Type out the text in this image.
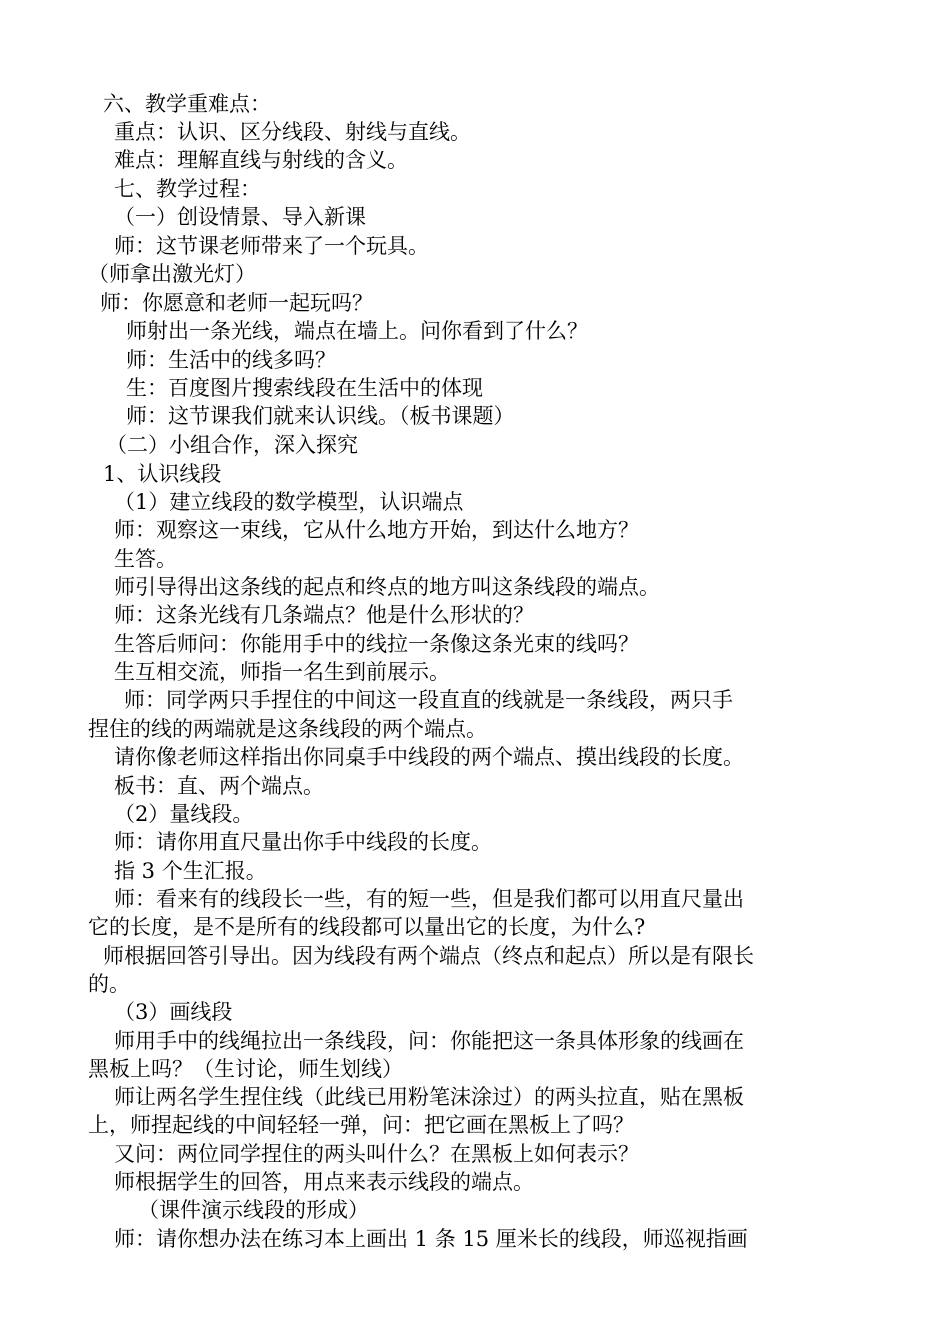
六、教学重难点：
重点：认识、区分线段、射线与直线。
难点：理解直线与射线的含义。
七、教学过程：
（一）创设情景、导入新课
师：这节课老师带来了一个玩具。
（师拿出激光灯）
师：你愿意和老师一起玩吗？
师射出一条光线，端点在墙上。问你看到了什么？
师：生活中的线多吗？
生：百度图片搜索线段在生活中的体现
师：这节课我们就来认识线。（板书课题）
（二）小组合作，深入探究
1、认识线段
（1）建立线段的数学模型，认识端点
师：观察这一束线，它从什么地方开始，到达什么地方？
生答。
师引导得出这条线的起点和终点的地方叫这条线段的端点。
师：这条光线有几条端点？他是什么形状的？
生答后师问：你能用手中的线拉一条像这条光束的线吗？
生互相交流，师指一名生到前展示。
师：同学两只手捏住的中间这一段直直的线就是一条线段，两只手
捏住的线的两端就是这条线段的两个端点。
请你像老师这样指出你同桌手中线段的两个端点、摸出线段的长度。
板书：直、两个端点。
（2）量线段。
师：请你用直尺量出你手中线段的长度。
指 3 个生汇报。
师：看来有的线段长一些，有的短一些，但是我们都可以用直尺量出
它的长度，是不是所有的线段都可以量出它的长度，为什么?
师根据回答引导出。因为线段有两个端点（终点和起点）所以是有限长
的。
（3）画线段
师用手中的线绳拉出一条线段，问：你能把这一条具体形象的线画在
黑板上吗？（生讨论，师生划线）
师让两名学生捏住线（此线已用粉笔沫涂过）的两头拉直，贴在黑板
上，师捏起线的中间轻轻一弹，问：把它画在黑板上了吗？
又问：两位同学捏住的两头叫什么？在黑板上如何表示？
师根据学生的回答，用点来表示线段的端点。
（课件演示线段的形成）
师：请你想办法在练习本上画出 1 条 15 厘米长的线段，师巡视指画
